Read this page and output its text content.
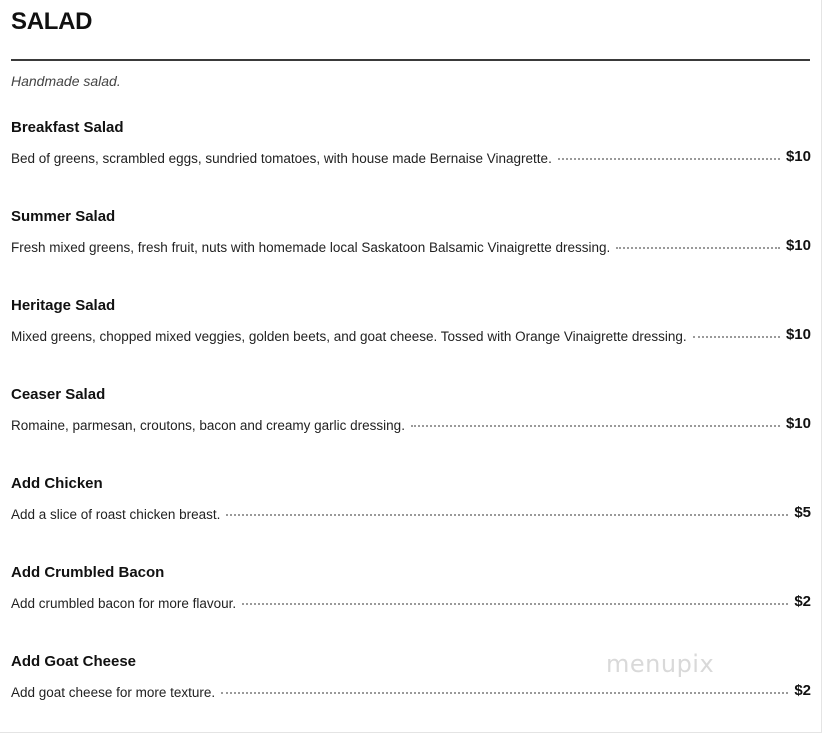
SALAD
Handmade salad.
Breakfast Salad
Bed of greens, scrambled eggs, sundried tomatoes, with house made Bernaise Vinagrette.	$10
Summer Salad
Fresh mixed greens, fresh fruit, nuts with homemade local Saskatoon Balsamic Vinaigrette dressing.	$10
Heritage Salad
Mixed greens, chopped mixed veggies, golden beets, and goat cheese. Tossed with Orange Vinaigrette dressing.	$10
Ceaser Salad
Romaine, parmesan, croutons, bacon and creamy garlic dressing.	$10
Add Chicken
Add a slice of roast chicken breast.	$5
Add Crumbled Bacon
Add crumbled bacon for more flavour.	$2
Add Goat Cheese
Add goat cheese for more texture.	$2
menupix
